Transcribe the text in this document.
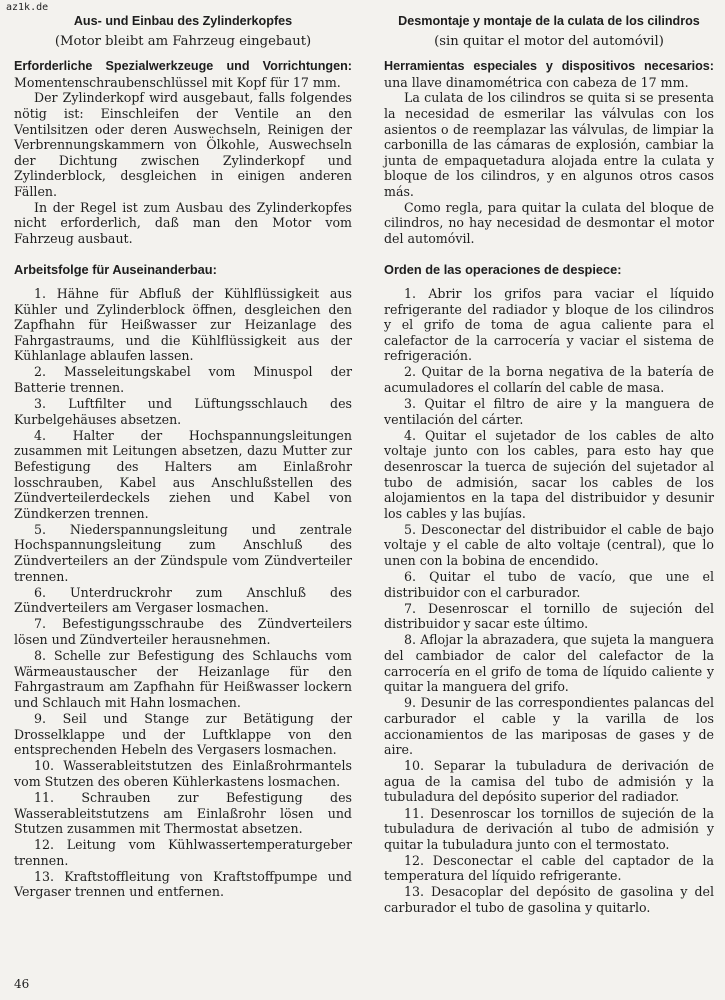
az1k.de

Aus- und Einbau des Zylinderkopfes

(Motor bleibt am Fahrzeug eingebaut)

Erforderliche Spezialwerkzeuge und Vorrichtungen: Momentenschraubenschlüssel mit Kopf für 17 mm.

Der Zylinderkopf wird ausgebaut, falls folgendes nötig ist: Einschleifen der Ventile an den Ventilsitzen oder deren Auswechseln, Reinigen der Verbrennungskammern von Ölkohle, Auswechseln der Dichtung zwischen Zylinderkopf und Zylinderblock, desgleichen in einigen anderen Fällen.

In der Regel ist zum Ausbau des Zylinderkopfes nicht erforderlich, daß man den Motor vom Fahrzeug ausbaut.

Arbeitsfolge für Auseinanderbau:

1. Hähne für Abfluß der Kühlflüssigkeit aus Kühler und Zylinderblock öffnen, desgleichen den Zapfhahn für Heißwasser zur Heizanlage des Fahrgastraums, und die Kühlflüssigkeit aus der Kühlanlage ablaufen lassen.

2. Masseleitungskabel vom Minuspol der Batterie trennen.

3. Luftfilter und Lüftungsschlauch des Kurbelgehäuses absetzen.

4. Halter der Hochspannungsleitungen zusammen mit Leitungen absetzen, dazu Mutter zur Befestigung des Halters am Einlaßrohr losschrauben, Kabel aus Anschlußstellen des Zündverteilerdeckels ziehen und Kabel von Zündkerzen trennen.

5. Niederspannungsleitung und zentrale Hochspannungsleitung zum Anschluß des Zündverteilers an der Zündspule vom Zündverteiler trennen.

6. Unterdruckrohr zum Anschluß des Zündverteilers am Vergaser losmachen.

7. Befestigungsschraube des Zündverteilers lösen und Zündverteiler herausnehmen.

8. Schelle zur Befestigung des Schlauchs vom Wärmeaustauscher der Heizanlage für den Fahrgastraum am Zapfhahn für Heißwasser lockern und Schlauch mit Hahn losmachen.

9. Seil und Stange zur Betätigung der Drosselklappe und der Luftklappe von den entsprechenden Hebeln des Vergasers losmachen.

10. Wasserableitstutzen des Einlaßrohrmantels vom Stutzen des oberen Kühlerkastens losmachen.

11. Schrauben zur Befestigung des Wasserableitstutzens am Einlaßrohr lösen und Stutzen zusammen mit Thermostat absetzen.

12. Leitung vom Kühlwassertemperaturgeber trennen.

13. Kraftstoffleitung von Kraftstoffpumpe und Vergaser trennen und entfernen.

Desmontaje y montaje de la culata de los cilindros

(sin quitar el motor del automóvil)

Herramientas especiales y dispositivos necesarios: una llave dinamométrica con cabeza de 17 mm.

La culata de los cilindros se quita si se presenta la necesidad de esmerilar las válvulas con los asientos o de reemplazar las válvulas, de limpiar la carbonilla de las cámaras de explosión, cambiar la junta de empaquetadura alojada entre la culata y bloque de los cilindros, y en algunos otros casos más.

Como regla, para quitar la culata del bloque de cilindros, no hay necesidad de desmontar el motor del automóvil.

Orden de las operaciones de despiece:

1. Abrir los grifos para vaciar el líquido refrigerante del radiador y bloque de los cilindros y el grifo de toma de agua caliente para el calefactor de la carrocería y vaciar el sistema de refrigeración.

2. Quitar de la borna negativa de la batería de acumuladores el collarín del cable de masa.

3. Quitar el filtro de aire y la manguera de ventilación del cárter.

4. Quitar el sujetador de los cables de alto voltaje junto con los cables, para esto hay que desenroscar la tuerca de sujeción del sujetador al tubo de admisión, sacar los cables de los alojamientos en la tapa del distribuidor y desunir los cables y las bujías.

5. Desconectar del distribuidor el cable de bajo voltaje y el cable de alto voltaje (central), que lo unen con la bobina de encendido.

6. Quitar el tubo de vacío, que une el distribuidor con el carburador.

7. Desenroscar el tornillo de sujeción del distribuidor y sacar este último.

8. Aflojar la abrazadera, que sujeta la manguera del cambiador de calor del calefactor de la carrocería en el grifo de toma de líquido caliente y quitar la manguera del grifo.

9. Desunir de las correspondientes palancas del carburador el cable y la varilla de los accionamientos de las mariposas de gases y de aire.

10. Separar la tubuladura de derivación de agua de la camisa del tubo de admisión y la tubuladura del depósito superior del radiador.

11. Desenroscar los tornillos de sujeción de la tubuladura de derivación al tubo de admisión y quitar la tubuladura junto con el termostato.

12. Desconectar el cable del captador de la temperatura del líquido refrigerante.

13. Desacoplar del depósito de gasolina y del carburador el tubo de gasolina y quitarlo.

46
